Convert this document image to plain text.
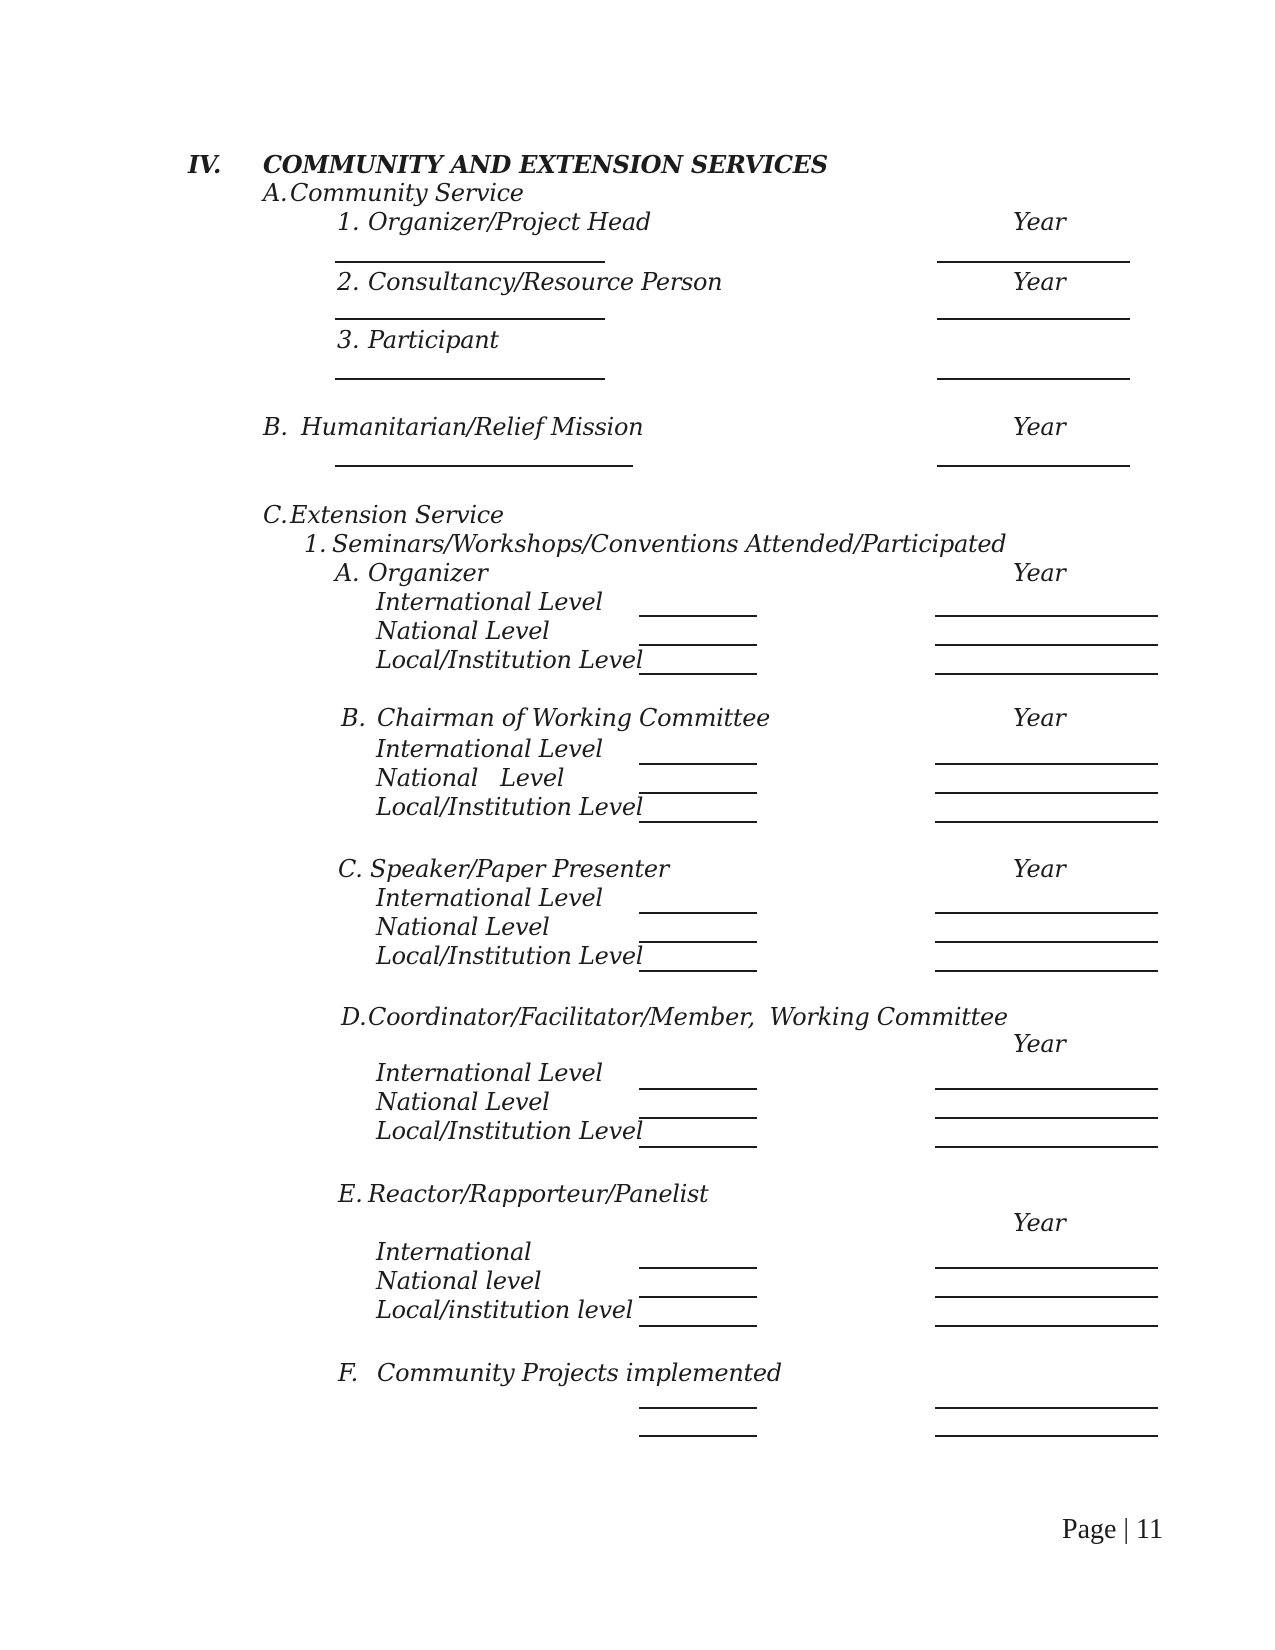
IV. COMMUNITY AND EXTENSION SERVICES
A. Community Service
1. Organizer/Project Head	Year
2. Consultancy/Resource Person	Year
3. Participant
B. Humanitarian/Relief Mission	Year
C. Extension Service
1. Seminars/Workshops/Conventions Attended/Participated
A. Organizer	Year
International Level
National Level
Local/Institution Level
B. Chairman of Working Committee	Year
International Level
National   Level
Local/Institution Level
C. Speaker/Paper Presenter	Year
International Level
National Level
Local/Institution Level
D. Coordinator/Facilitator/Member,  Working Committee
Year
International Level
National Level
Local/Institution Level
E. Reactor/Rapporteur/Panelist
Year
International
National level
Local/institution level
F. Community Projects implemented
Page | 11
